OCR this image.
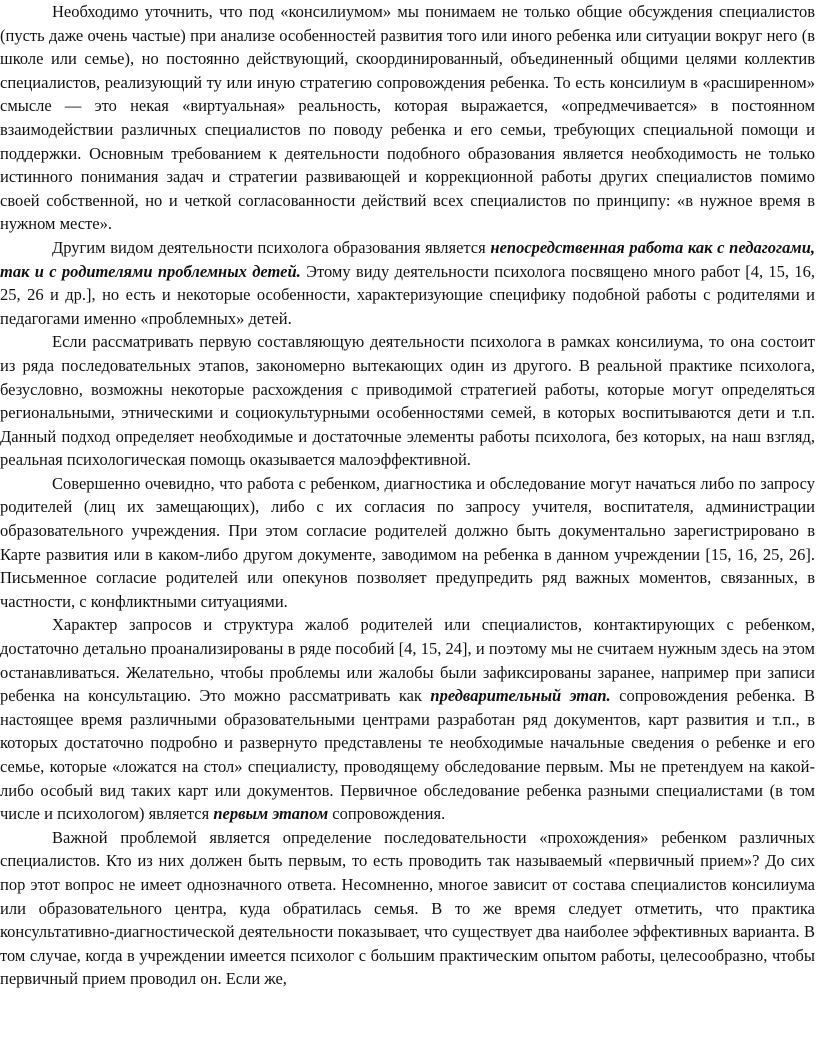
Необходимо уточнить, что под «консилиумом» мы понимаем не только общие обсуждения специалистов (пусть даже очень частые) при анализе особенностей развития того или иного ребенка или ситуации вокруг него (в школе или семье), но постоянно действующий, скоординированный, объединенный общими целями коллектив специалистов, реализующий ту или иную стратегию сопровождения ребенка. То есть консилиум в «расширенном» смысле — это некая «виртуальная» реальность, которая выражается, «опредмечивается» в постоянном взаимодействии различных специалистов по поводу ребенка и его семьи, требующих специальной помощи и поддержки. Основным требованием к деятельности подобного образования является необходимость не только истинного понимания задач и стратегии развивающей и коррекционной работы других специалистов помимо своей собственной, но и четкой согласованности действий всех специалистов по принципу: «в нужное время в нужном месте».

Другим видом деятельности психолога образования является непосредственная работа как с педагогами, так и с родителями проблемных детей. Этому виду деятельности психолога посвящено много работ [4, 15, 16, 25, 26 и др.], но есть и некоторые особенности, характеризующие специфику подобной работы с родителями и педагогами именно «проблемных» детей.

Если рассматривать первую составляющую деятельности психолога в рамках консилиума, то она состоит из ряда последовательных этапов, закономерно вытекающих один из другого. В реальной практике психолога, безусловно, возможны некоторые расхождения с приводимой стратегией работы, которые могут определяться региональными, этническими и социокультурными особенностями семей, в которых воспитываются дети и т.п. Данный подход определяет необходимые и достаточные элементы работы психолога, без которых, на наш взгляд, реальная психологическая помощь оказывается малоэффективной.

Совершенно очевидно, что работа с ребенком, диагностика и обследование могут начаться либо по запросу родителей (лиц их замещающих), либо с их согласия по запросу учителя, воспитателя, администрации образовательного учреждения. При этом согласие родителей должно быть документально зарегистрировано в Карте развития или в каком-либо другом документе, заводимом на ребенка в данном учреждении [15, 16, 25, 26]. Письменное согласие родителей или опекунов позволяет предупредить ряд важных моментов, связанных, в частности, с конфликтными ситуациями.

Характер запросов и структура жалоб родителей или специалистов, контактирующих с ребенком, достаточно детально проанализированы в ряде пособий [4, 15, 24], и поэтому мы не считаем нужным здесь на этом останавливаться. Желательно, чтобы проблемы или жалобы были зафиксированы заранее, например при записи ребенка на консультацию. Это можно рассматривать как предварительный этап. сопровождения ребенка. В настоящее время различными образовательными центрами разработан ряд документов, карт развития и т.п., в которых достаточно подробно и развернуто представлены те необходимые начальные сведения о ребенке и его семье, которые «ложатся на стол» специалисту, проводящему обследование первым. Мы не претендуем на какой-либо особый вид таких карт или документов. Первичное обследование ребенка разными специалистами (в том числе и психологом) является первым этапом сопровождения.

Важной проблемой является определение последовательности «прохождения» ребенком различных специалистов. Кто из них должен быть первым, то есть проводить так называемый «первичный прием»? До сих пор этот вопрос не имеет однозначного ответа. Несомненно, многое зависит от состава специалистов консилиума или образовательного центра, куда обратилась семья. В то же время следует отметить, что практика консультативно-диагностической деятельности показывает, что существует два наиболее эффективных варианта. В том случае, когда в учреждении имеется психолог с большим практическим опытом работы, целесообразно, чтобы первичный прием проводил он. Если же,
